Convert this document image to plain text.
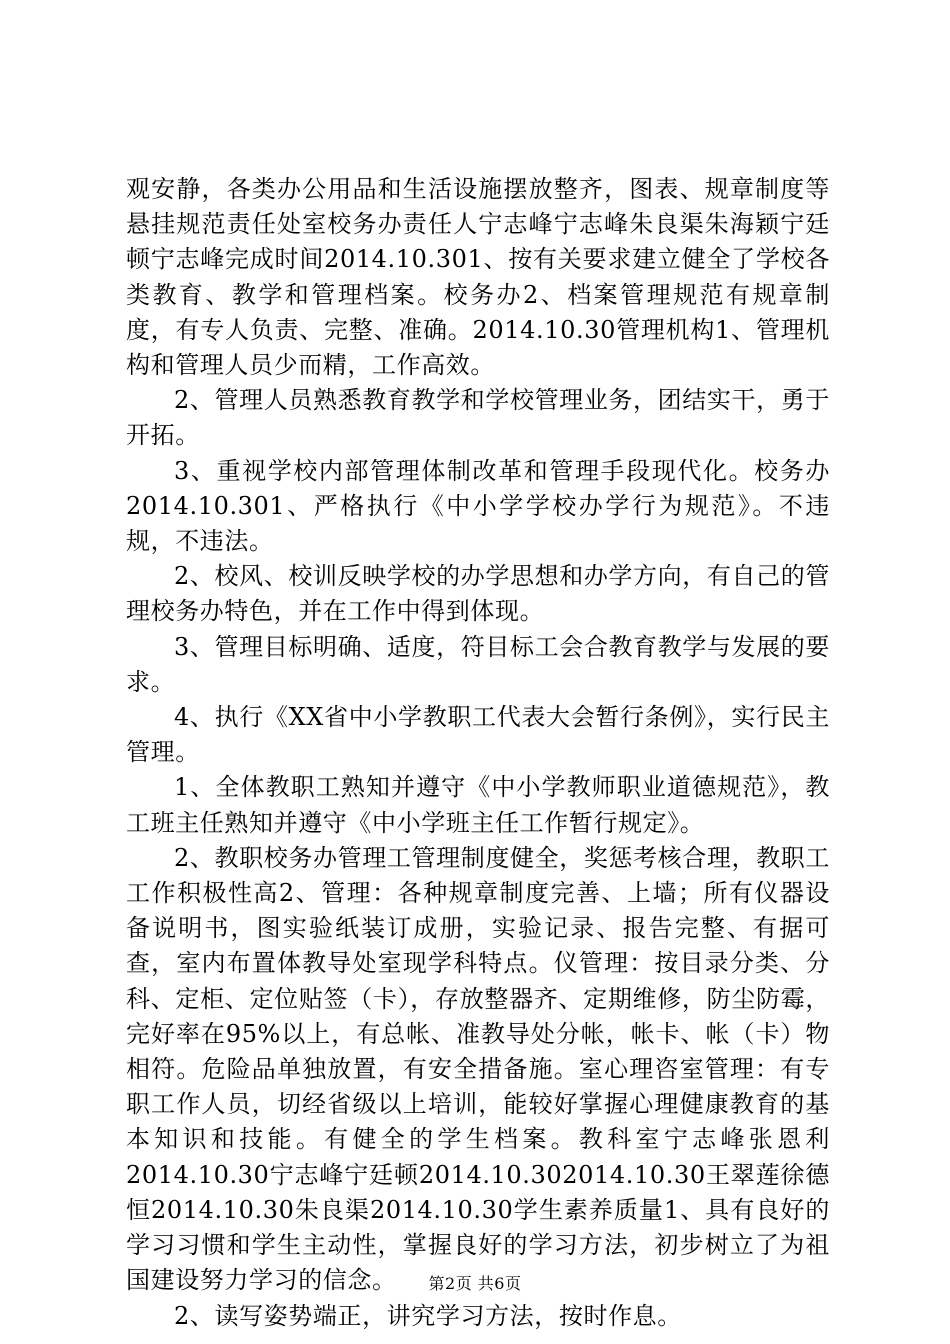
观安静，各类办公用品和生活设施摆放整齐，图表、规章制度等悬挂规范责任处室校务办责任人宁志峰宁志峰朱良渠朱海颖宁廷顿宁志峰完成时间2014.10.301、按有关要求建立健全了学校各类教育、教学和管理档案。校务办2、档案管理规范有规章制度，有专人负责、完整、准确。2014.10.30管理机构1、管理机构和管理人员少而精，工作高效。

2、管理人员熟悉教育教学和学校管理业务，团结实干，勇于开拓。

3、重视学校内部管理体制改革和管理手段现代化。校务办2014.10.301、严格执行《中小学学校办学行为规范》。不违规，不违法。

2、校风、校训反映学校的办学思想和办学方向，有自己的管理校务办特色，并在工作中得到体现。

3、管理目标明确、适度，符目标工会合教育教学与发展的要求。

4、执行《XX省中小学教职工代表大会暂行条例》，实行民主管理。

1、全体教职工熟知并遵守《中小学教师职业道德规范》，教工班主任熟知并遵守《中小学班主任工作暂行规定》。

2、教职校务办管理工管理制度健全，奖惩考核合理，教职工工作积极性高2、管理：各种规章制度完善、上墙；所有仪器设备说明书，图实验纸装订成册，实验记录、报告完整、有据可查，室内布置体教导处室现学科特点。仪管理：按目录分类、分科、定柜、定位贴签（卡），存放整器齐、定期维修，防尘防霉，完好率在95%以上，有总帐、准教导处分帐，帐卡、帐（卡）物相符。危险品单独放置，有安全措备施。室心理咨室管理：有专职工作人员，切经省级以上培训，能较好掌握心理健康教育的基本知识和技能。有健全的学生档案。教科室宁志峰张恩利2014.10.30宁志峰宁廷顿2014.10.302014.10.30王翠莲徐德恒2014.10.30朱良渠2014.10.30学生素养质量1、具有良好的学习习惯和学生主动性，掌握良好的学习方法，初步树立了为祖国建设努力学习的信念。

2、读写姿势端正，讲究学习方法，按时作息。

第2页 共6页
